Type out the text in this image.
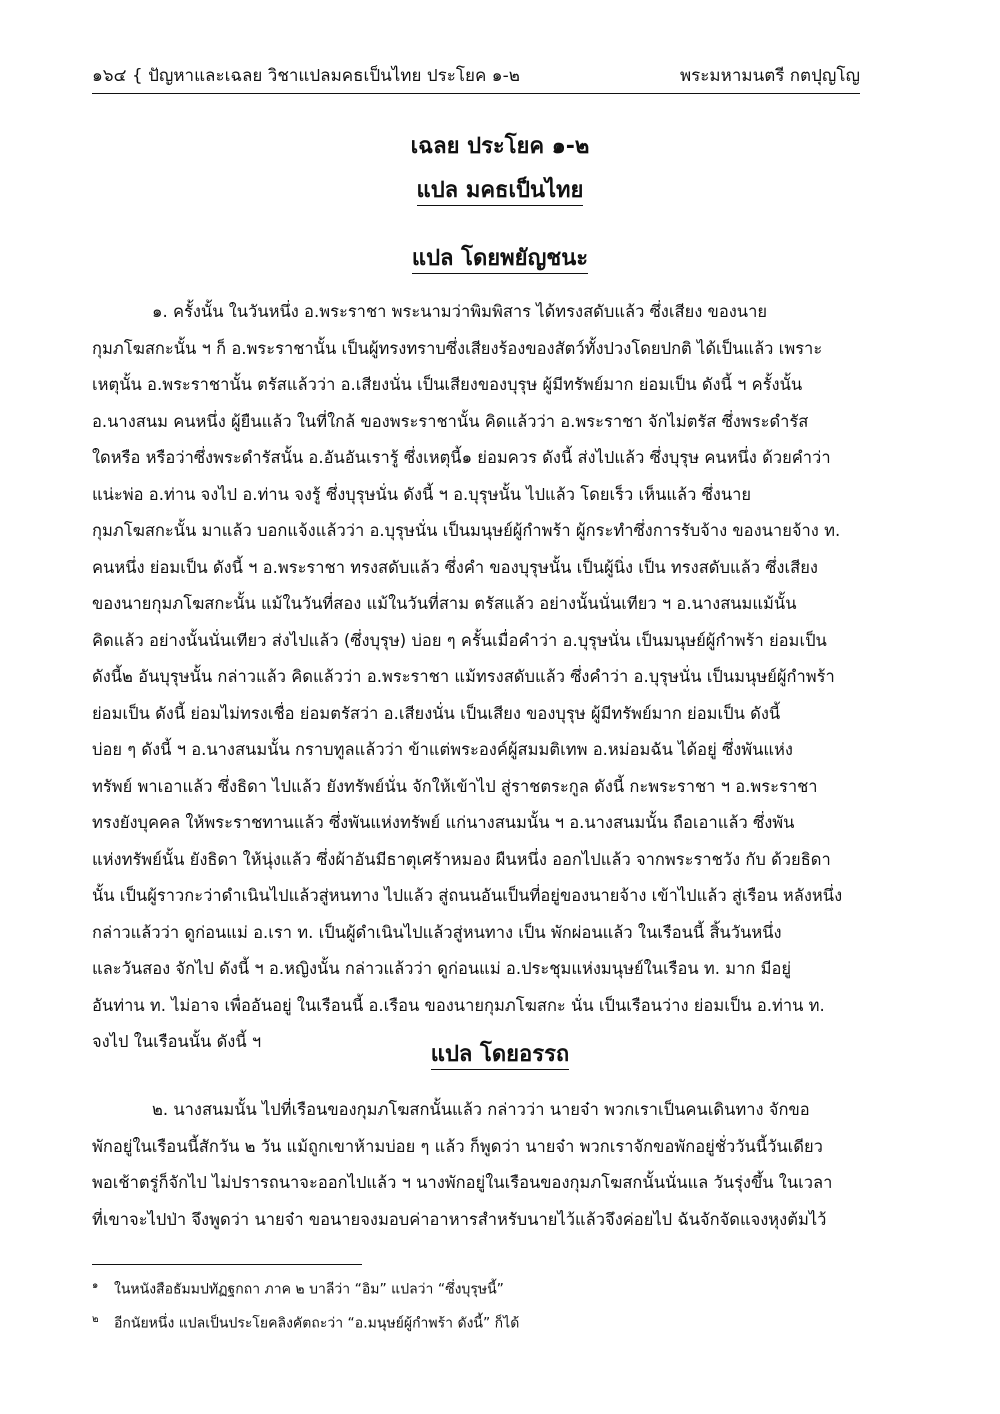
๑๖๔ { ปัญหาและเฉลย วิชาแปลมคธเป็นไทย ประโยค ๑-๒	พระมหามนตรี กตปุญโญ
เฉลย ประโยค ๑-๒
แปล มคธเป็นไทย
แปล โดยพยัญชนะ
๑. ครั้งนั้น ในวันหนึ่ง อ.พระราชา พระนามว่าพิมพิสาร ได้ทรงสดับแล้ว ซึ่งเสียง ของนาย
กุมภโฆสกะนั้น ฯ ก็ อ.พระราชานั้น เป็นผู้ทรงทราบซึ่งเสียงร้องของสัตว์ทั้งปวงโดยปกติ ได้เป็นแล้ว เพราะ
เหตุนั้น อ.พระราชานั้น ตรัสแล้วว่า อ.เสียงนั่น เป็นเสียงของบุรุษ ผู้มีทรัพย์มาก ย่อมเป็น ดังนี้ ฯ ครั้งนั้น
อ.นางสนม คนหนึ่ง ผู้ยืนแล้ว ในที่ใกล้ ของพระราชานั้น คิดแล้วว่า อ.พระราชา จักไม่ตรัส ซึ่งพระดำรัส
ใดหรือ หรือว่าซึ่งพระดำรัสนั้น อ.อันอันเรารู้ ซึ่งเหตุนี้๑ ย่อมควร ดังนี้ ส่งไปแล้ว ซึ่งบุรุษ คนหนึ่ง ด้วยคำว่า
แน่ะพ่อ อ.ท่าน จงไป อ.ท่าน จงรู้ ซึ่งบุรุษนั่น ดังนี้ ฯ อ.บุรุษนั้น ไปแล้ว โดยเร็ว เห็นแล้ว ซึ่งนาย
กุมภโฆสกะนั้น มาแล้ว บอกแจ้งแล้วว่า อ.บุรุษนั่น เป็นมนุษย์ผู้กำพร้า ผู้กระทำซึ่งการรับจ้าง ของนายจ้าง ท.
คนหนึ่ง ย่อมเป็น ดังนี้ ฯ อ.พระราชา ทรงสดับแล้ว ซึ่งคำ ของบุรุษนั้น เป็นผู้นิ่ง เป็น ทรงสดับแล้ว ซึ่งเสียง
ของนายกุมภโฆสกะนั้น แม้ในวันที่สอง แม้ในวันที่สาม ตรัสแล้ว อย่างนั้นนั่นเทียว ฯ อ.นางสนมแม้นั้น
คิดแล้ว อย่างนั้นนั่นเทียว ส่งไปแล้ว (ซึ่งบุรุษ) บ่อย ๆ ครั้นเมื่อคำว่า อ.บุรุษนั่น เป็นมนุษย์ผู้กำพร้า ย่อมเป็น
ดังนี้๒ อันบุรุษนั้น กล่าวแล้ว คิดแล้วว่า อ.พระราชา แม้ทรงสดับแล้ว ซึ่งคำว่า อ.บุรุษนั่น เป็นมนุษย์ผู้กำพร้า
ย่อมเป็น ดังนี้ ย่อมไม่ทรงเชื่อ ย่อมตรัสว่า อ.เสียงนั่น เป็นเสียง ของบุรุษ ผู้มีทรัพย์มาก ย่อมเป็น ดังนี้
บ่อย ๆ ดังนี้ ฯ อ.นางสนมนั้น กราบทูลแล้วว่า ข้าแต่พระองค์ผู้สมมติเทพ อ.หม่อมฉัน ได้อยู่ ซึ่งพันแห่ง
ทรัพย์ พาเอาแล้ว ซึ่งธิดา ไปแล้ว ยังทรัพย์นั่น จักให้เข้าไป สู่ราชตระกูล ดังนี้ กะพระราชา ฯ อ.พระราชา
ทรงยังบุคคล ให้พระราชทานแล้ว ซึ่งพันแห่งทรัพย์ แก่นางสนมนั้น ฯ อ.นางสนมนั้น ถือเอาแล้ว ซึ่งพัน
แห่งทรัพย์นั้น ยังธิดา ให้นุ่งแล้ว ซึ่งผ้าอันมีธาตุเศร้าหมอง ผืนหนึ่ง ออกไปแล้ว จากพระราชวัง กับ ด้วยธิดา
นั้น เป็นผู้ราวกะว่าดำเนินไปแล้วสู่หนทาง ไปแล้ว สู่ถนนอันเป็นที่อยู่ของนายจ้าง เข้าไปแล้ว สู่เรือน หลังหนึ่ง
กล่าวแล้วว่า ดูก่อนแม่ อ.เรา ท. เป็นผู้ดำเนินไปแล้วสู่หนทาง เป็น พักผ่อนแล้ว ในเรือนนี้ สิ้นวันหนึ่ง
และวันสอง จักไป ดังนี้ ฯ อ.หญิงนั้น กล่าวแล้วว่า ดูก่อนแม่ อ.ประชุมแห่งมนุษย์ในเรือน ท. มาก มีอยู่
อันท่าน ท. ไม่อาจ เพื่ออันอยู่ ในเรือนนี้ อ.เรือน ของนายกุมภโฆสกะ นั่น เป็นเรือนว่าง ย่อมเป็น อ.ท่าน ท.
จงไป ในเรือนนั้น ดังนี้ ฯ
แปล โดยอรรถ
๒. นางสนมนั้น ไปที่เรือนของกุมภโฆสกนั้นแล้ว กล่าวว่า นายจ๋า พวกเราเป็นคนเดินทาง จักขอ
พักอยู่ในเรือนนี้สักวัน ๒ วัน แม้ถูกเขาห้ามบ่อย ๆ แล้ว ก็พูดว่า นายจ๋า พวกเราจักขอพักอยู่ชั่ววันนี้วันเดียว
พอเช้าตรู่ก็จักไป ไม่ปรารถนาจะออกไปแล้ว ฯ นางพักอยู่ในเรือนของกุมภโฆสกนั้นนั่นแล วันรุ่งขึ้น ในเวลา
ที่เขาจะไปป่า จึงพูดว่า นายจ๋า ขอนายจงมอบค่าอาหารสำหรับนายไว้แล้วจึงค่อยไป ฉันจักจัดแจงหุงต้มไว้
๑ ในหนังสือธัมมปทัฏฐกถา ภาค ๒ บาลีว่า “อิม” แปลว่า “ซึ่งบุรุษนี้”
๒ อีกนัยหนึ่ง แปลเป็นประโยคลิงคัตถะว่า “อ.มนุษย์ผู้กำพร้า ดังนี้” ก็ได้
